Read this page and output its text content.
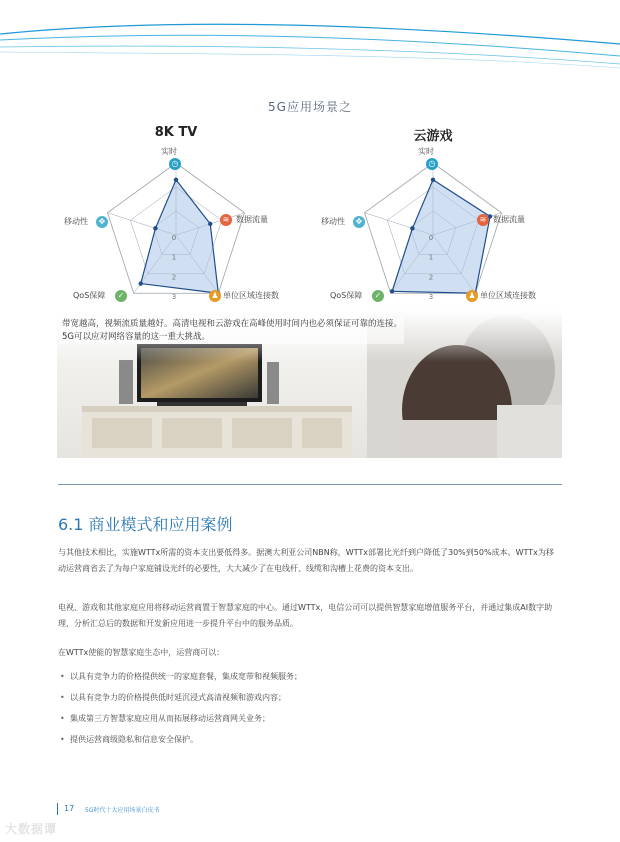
5G应用场景之
8K TV
0
1
2
3
实时
数据流量
单位区域连接数
QoS保障
移动性
◷
≋
♟
✓
✥
云游戏
0
1
2
3
实时
数据流量
单位区域连接数
QoS保障
移动性
◷
≋
♟
✓
✥
带宽越高，视频流质量越好。高清电视和云游戏在高峰使用时间内也必须保证可靠的连接。
5G可以应对网络容量的这一重大挑战。
6.1 商业模式和应用案例
与其他技术相比，实施WTTx所需的资本支出要低得多。据澳大利亚公司NBN称，WTTx部署比光纤到户降低了30%到50%成本。WTTx为移动运营商省去了为每户家庭铺设光纤的必要性，大大减少了在电线杆、线缆和沟槽上花费的资本支出。
电视、游戏和其他家庭应用将移动运营商置于智慧家庭的中心。通过WTTx，电信公司可以提供智慧家庭增值服务平台，并通过集成AI数字助理，分析汇总后的数据和开发新应用进一步提升平台中的服务品质。
在WTTx使能的智慧家庭生态中，运营商可以：
• 以具有竞争力的价格提供统一的家庭套餐，集成宽带和视频服务；
• 以具有竞争力的价格提供低时延沉浸式高清视频和游戏内容；
• 集成第三方智慧家庭应用从而拓展移动运营商网关业务；
• 提供运营商级隐私和信息安全保护。
17 5G时代十大应用场景白皮书
大数据谭
